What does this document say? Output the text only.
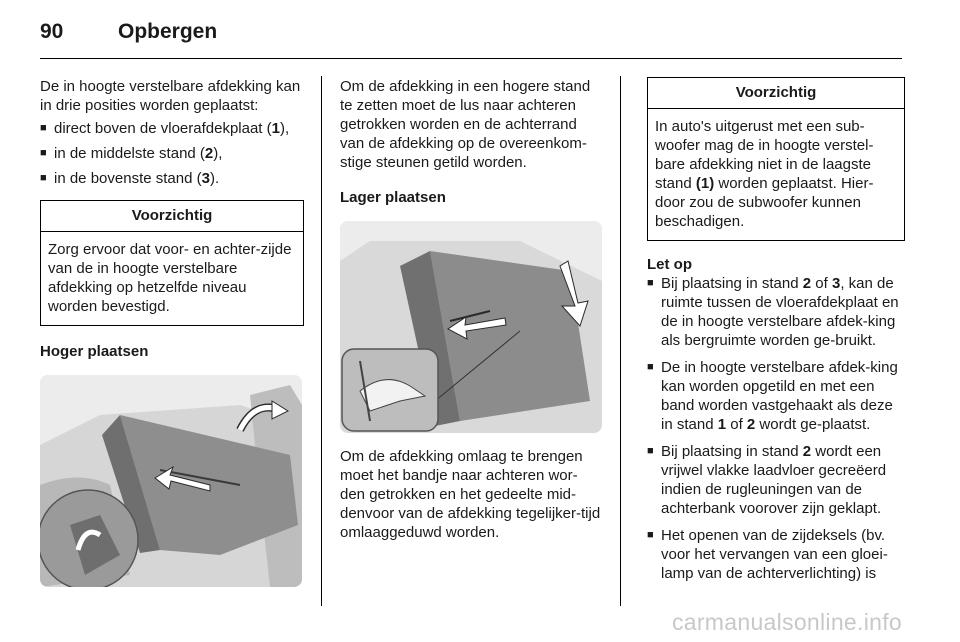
90	Opbergen

De in hoogte verstelbare afdekking kan in drie posities worden geplaatst:

■ direct boven de vloerafdekplaat (1),
■ in de middelste stand (2),
■ in de bovenste stand (3).
Voorzichtig
Zorg ervoor dat voor- en achter-zijde van de in hoogte verstelbare afdekking op hetzelfde niveau worden bevestigd.

Hoger plaatsen

Om de afdekking in een hogere stand te zetten moet de lus naar achteren getrokken worden en de achterrand van de afdekking op de overeenkom-stige steunen getild worden.

Lager plaatsen

Om de afdekking omlaag te brengen moet het bandje naar achteren wor-den getrokken en het gedeelte mid-denvoor van de afdekking tegelijker-tijd omlaaggeduwd worden.

Voorzichtig
In auto's uitgerust met een sub-woofer mag de in hoogte verstel-bare afdekking niet in de laagste stand (1) worden geplaatst. Hier-door zou de subwoofer kunnen beschadigen.

Let op

■ Bij plaatsing in stand 2 of 3, kan de ruimte tussen de vloerafdekplaat en de in hoogte verstelbare afdek-king als bergruimte worden ge-bruikt.
■ De in hoogte verstelbare afdek-king kan worden opgetild en met een band worden vastgehaakt als deze in stand 1 of 2 wordt ge-plaatst.
■ Bij plaatsing in stand 2 wordt een vrijwel vlakke laadvloer gecreëerd indien de rugleuningen van de achterbank voorover zijn geklapt.
■ Het openen van de zijdeksels (bv. voor het vervangen van een gloei-lamp van de achterverlichting) is
carmanualsonline.info
